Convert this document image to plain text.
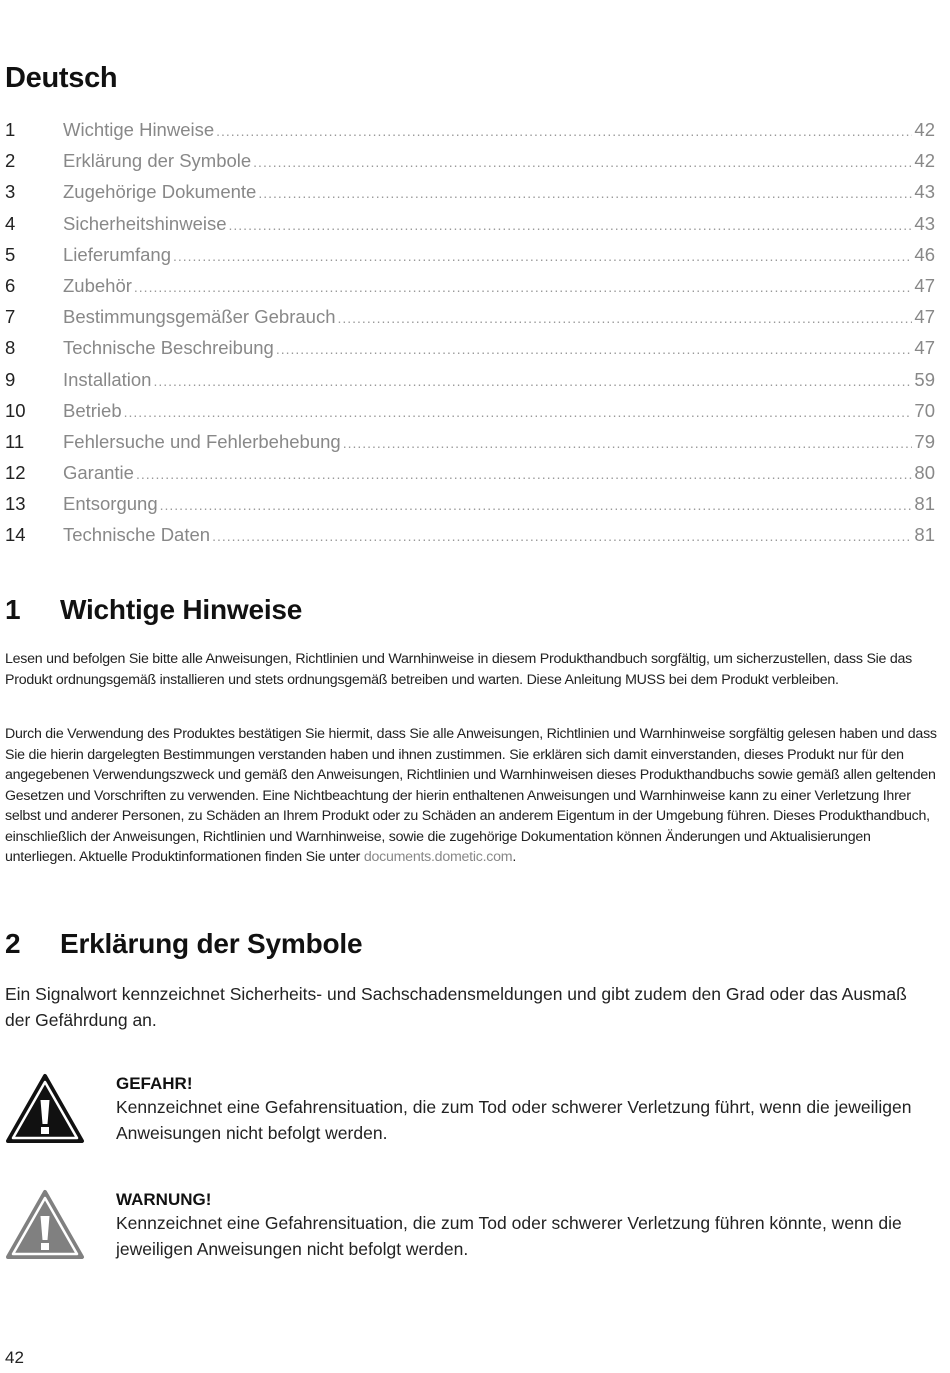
Deutsch
1	Wichtige Hinweise .....	42
2	Erklärung der Symbole .....	42
3	Zugehörige Dokumente .....	43
4	Sicherheitshinweise .....	43
5	Lieferumfang .....	46
6	Zubehör .....	47
7	Bestimmungsgemäßer Gebrauch .....	47
8	Technische Beschreibung .....	47
9	Installation .....	59
10	Betrieb .....	70
11	Fehlersuche und Fehlerbehebung .....	79
12	Garantie .....	80
13	Entsorgung .....	81
14	Technische Daten .....	81
1	Wichtige Hinweise

Lesen und befolgen Sie bitte alle Anweisungen, Richtlinien und Warnhinweise in diesem Produkthandbuch sorgfältig, um sicherzustellen, dass Sie das Produkt ordnungsgemäß installieren und stets ordnungsgemäß betreiben und warten. Diese Anleitung MUSS bei dem Produkt verbleiben.

Durch die Verwendung des Produktes bestätigen Sie hiermit, dass Sie alle Anweisungen, Richtlinien und Warnhinweise sorgfältig gelesen haben und dass Sie die hierin dargelegten Bestimmungen verstanden haben und ihnen zustimmen. Sie erklären sich damit einverstanden, dieses Produkt nur für den angegebenen Verwendungszweck und gemäß den Anweisungen, Richtlinien und Warnhinweisen dieses Produkthandbuchs sowie gemäß allen geltenden Gesetzen und Vorschriften zu verwenden. Eine Nichtbeachtung der hierin enthaltenen Anweisungen und Warnhinweise kann zu einer Verletzung Ihrer selbst und anderer Personen, zu Schäden an Ihrem Produkt oder zu Schäden an anderem Eigentum in der Umgebung führen. Dieses Produkthandbuch, einschließlich der Anweisungen, Richtlinien und Warnhinweise, sowie die zugehörige Dokumentation können Änderungen und Aktualisierungen unterliegen. Aktuelle Produktinformationen finden Sie unter documents.dometic.com.

2	Erklärung der Symbole

Ein Signalwort kennzeichnet Sicherheits- und Sachschadensmeldungen und gibt zudem den Grad oder das Ausmaß der Gefährdung an.

GEFAHR!

Kennzeichnet eine Gefahrensituation, die zum Tod oder schwerer Verletzung führt, wenn die jeweiligen Anweisungen nicht befolgt werden.

WARNUNG!

Kennzeichnet eine Gefahrensituation, die zum Tod oder schwerer Verletzung führen könnte, wenn die jeweiligen Anweisungen nicht befolgt werden.

42
